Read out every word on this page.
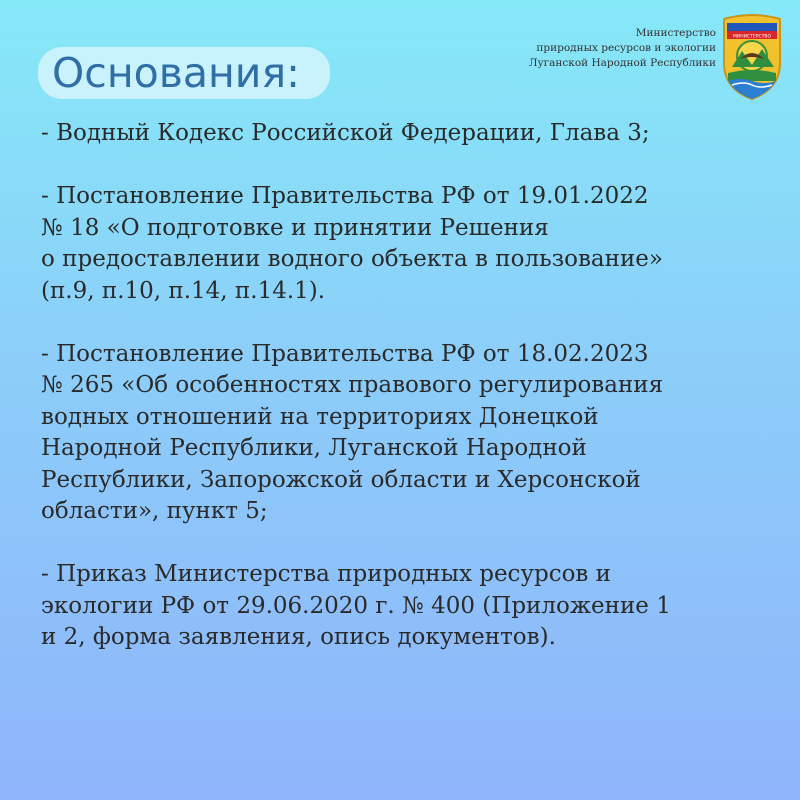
Основания:
Министерство
природных ресурсов и экологии
Луганской Народной Республики
МИНИСТЕРСТВО

- Водный Кодекс Российской Федерации, Глава 3;

- Постановление Правительства РФ от 19.01.2022
№ 18 «О подготовке и принятии Решения
о предоставлении водного объекта в пользование»
(п.9, п.10, п.14, п.14.1).

- Постановление Правительства РФ от 18.02.2023
№ 265 «Об особенностях правового регулирования
водных отношений на территориях Донецкой
Народной Республики, Луганской Народной
Республики, Запорожской области и Херсонской
области», пункт 5;

- Приказ Министерства природных ресурсов и
экологии РФ от 29.06.2020 г. № 400 (Приложение 1
и 2, форма заявления, опись документов).
